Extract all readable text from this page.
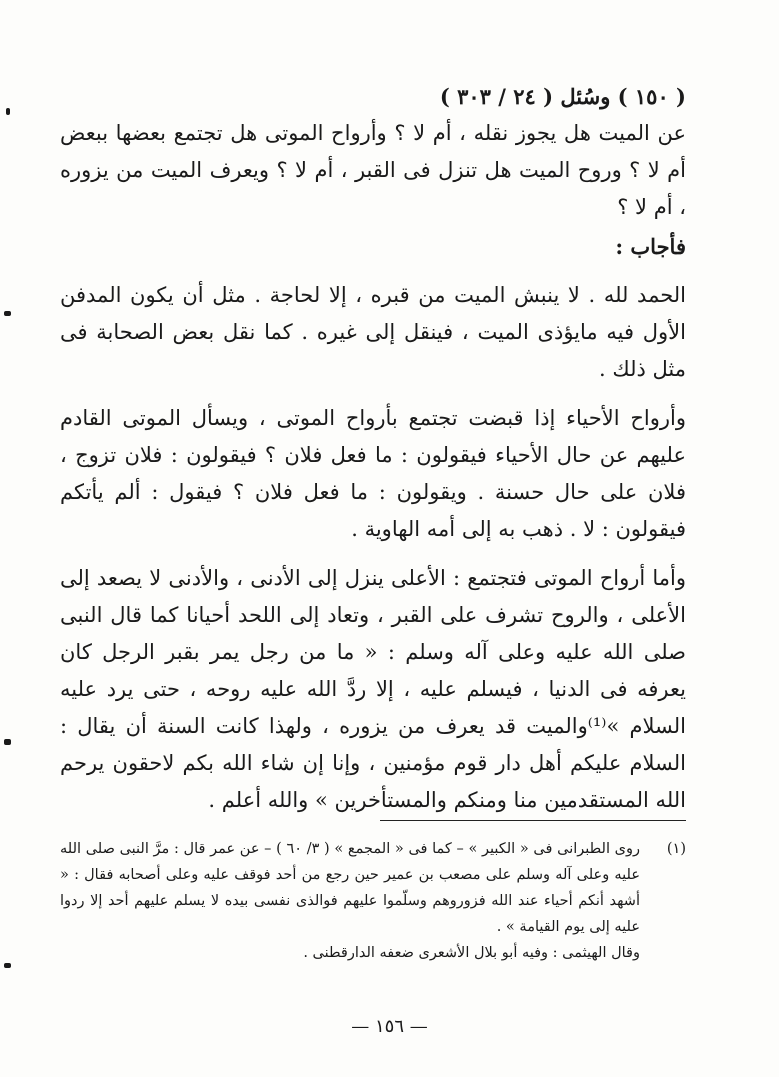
( ١٥٠ ) وسُئل ( ٢٤ / ٣٠٣ )

عن الميت هل يجوز نقله ، أم لا ؟ وأرواح الموتى هل تجتمع بعضها ببعض أم لا ؟ وروح الميت هل تنزل فى القبر ، أم لا ؟ ويعرف الميت من يزوره ، أم لا ؟

فأجاب :

الحمد لله . لا ينبش الميت من قبره ، إلا لحاجة . مثل أن يكون المدفن الأول فيه مايؤذى الميت ، فينقل إلى غيره . كما نقل بعض الصحابة فى مثل ذلك .

وأرواح الأحياء إذا قبضت تجتمع بأرواح الموتى ، ويسأل الموتى القادم عليهم عن حال الأحياء فيقولون : ما فعل فلان ؟ فيقولون : فلان تزوج ، فلان على حال حسنة . ويقولون : ما فعل فلان ؟ فيقول : ألم يأتكم فيقولون : لا . ذهب به إلى أمه الهاوية .

وأما أرواح الموتى فتجتمع : الأعلى ينزل إلى الأدنى ، والأدنى لا يصعد إلى الأعلى ، والروح تشرف على القبر ، وتعاد إلى اللحد أحيانا كما قال النبى صلى الله عليه وعلى آله وسلم : « ما من رجل يمر بقبر الرجل كان يعرفه فى الدنيا ، فيسلم عليه ، إلا ردَّ الله عليه روحه ، حتى يرد عليه السلام »⁽¹⁾والميت قد يعرف من يزوره ، ولهذا كانت السنة أن يقال : السلام عليكم أهل دار قوم مؤمنين ، وإنا إن شاء الله بكم لاحقون يرحم الله المستقدمين منا ومنكم والمستأخرين » والله أعلم .

(١)
روى الطبرانى فى « الكبير » – كما فى « المجمع » ( ٣/ ٦٠ ) – عن عمر قال : مرَّ النبى صلى الله عليه وعلى آله وسلم على مصعب بن عمير حين رجع من أحد فوقف عليه وعلى أصحابه فقال : « أشهد أنكم أحياء عند الله فزوروهم وسلّموا عليهم فوالذى نفسى بيده لا يسلم عليهم أحد إلا ردوا عليه إلى يوم القيامة » .
وقال الهيثمى : وفيه أبو بلال الأشعرى ضعفه الدارقطنى .
— ١٥٦ —
